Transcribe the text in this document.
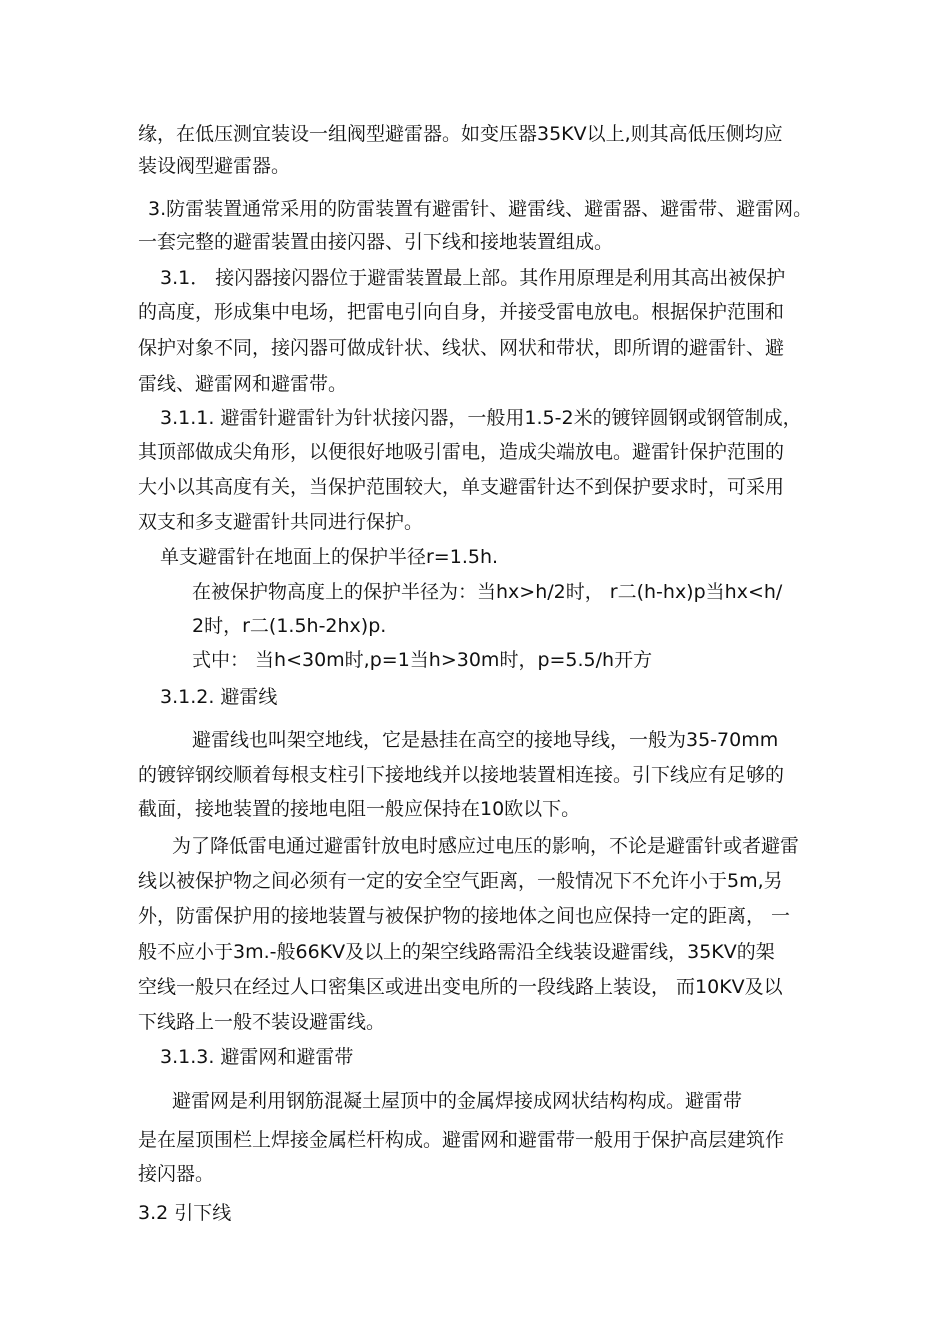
缘，在低压测宜装设一组阀型避雷器。如变压器35KV以上,则其高低压侧均应
装设阀型避雷器。
3.防雷装置通常采用的防雷装置有避雷针、避雷线、避雷器、避雷带、避雷网。
一套完整的避雷装置由接闪器、引下线和接地装置组成。
3.1． 接闪器接闪器位于避雷装置最上部。其作用原理是利用其高出被保护
的高度，形成集中电场，把雷电引向自身，并接受雷电放电。根据保护范围和
保护对象不同，接闪器可做成针状、线状、网状和带状，即所谓的避雷针、避
雷线、避雷网和避雷带。
3.1.1. 避雷针避雷针为针状接闪器，一般用1.5-2米的镀锌圆钢或钢管制成，
其顶部做成尖角形，以便很好地吸引雷电，造成尖端放电。避雷针保护范围的
大小以其高度有关，当保护范围较大，单支避雷针达不到保护要求时，可采用
双支和多支避雷针共同进行保护。
单支避雷针在地面上的保护半径r=1.5h.
在被保护物高度上的保护半径为：当hx>h/2时， r二(h-hx)p当hx<h/
2时，r二(1.5h-2hx)p.
式中： 当h<30m时,p=1当h>30m时，p=5.5/h开方
3.1.2. 避雷线
避雷线也叫架空地线，它是悬挂在高空的接地导线，一般为35-70mm
的镀锌钢绞顺着每根支柱引下接地线并以接地装置相连接。引下线应有足够的
截面，接地装置的接地电阻一般应保持在10欧以下。
为了降低雷电通过避雷针放电时感应过电压的影响，不论是避雷针或者避雷
线以被保护物之间必须有一定的安全空气距离，一般情况下不允许小于5m,另
外，防雷保护用的接地装置与被保护物的接地体之间也应保持一定的距离， 一
般不应小于3m.-般66KV及以上的架空线路需沿全线装设避雷线，35KV的架
空线一般只在经过人口密集区或进出变电所的一段线路上装设， 而10KV及以
下线路上一般不装设避雷线。
3.1.3. 避雷网和避雷带
避雷网是利用钢筋混凝土屋顶中的金属焊接成网状结构构成。避雷带
是在屋顶围栏上焊接金属栏杆构成。避雷网和避雷带一般用于保护高层建筑作
接闪器。
3.2 引下线
